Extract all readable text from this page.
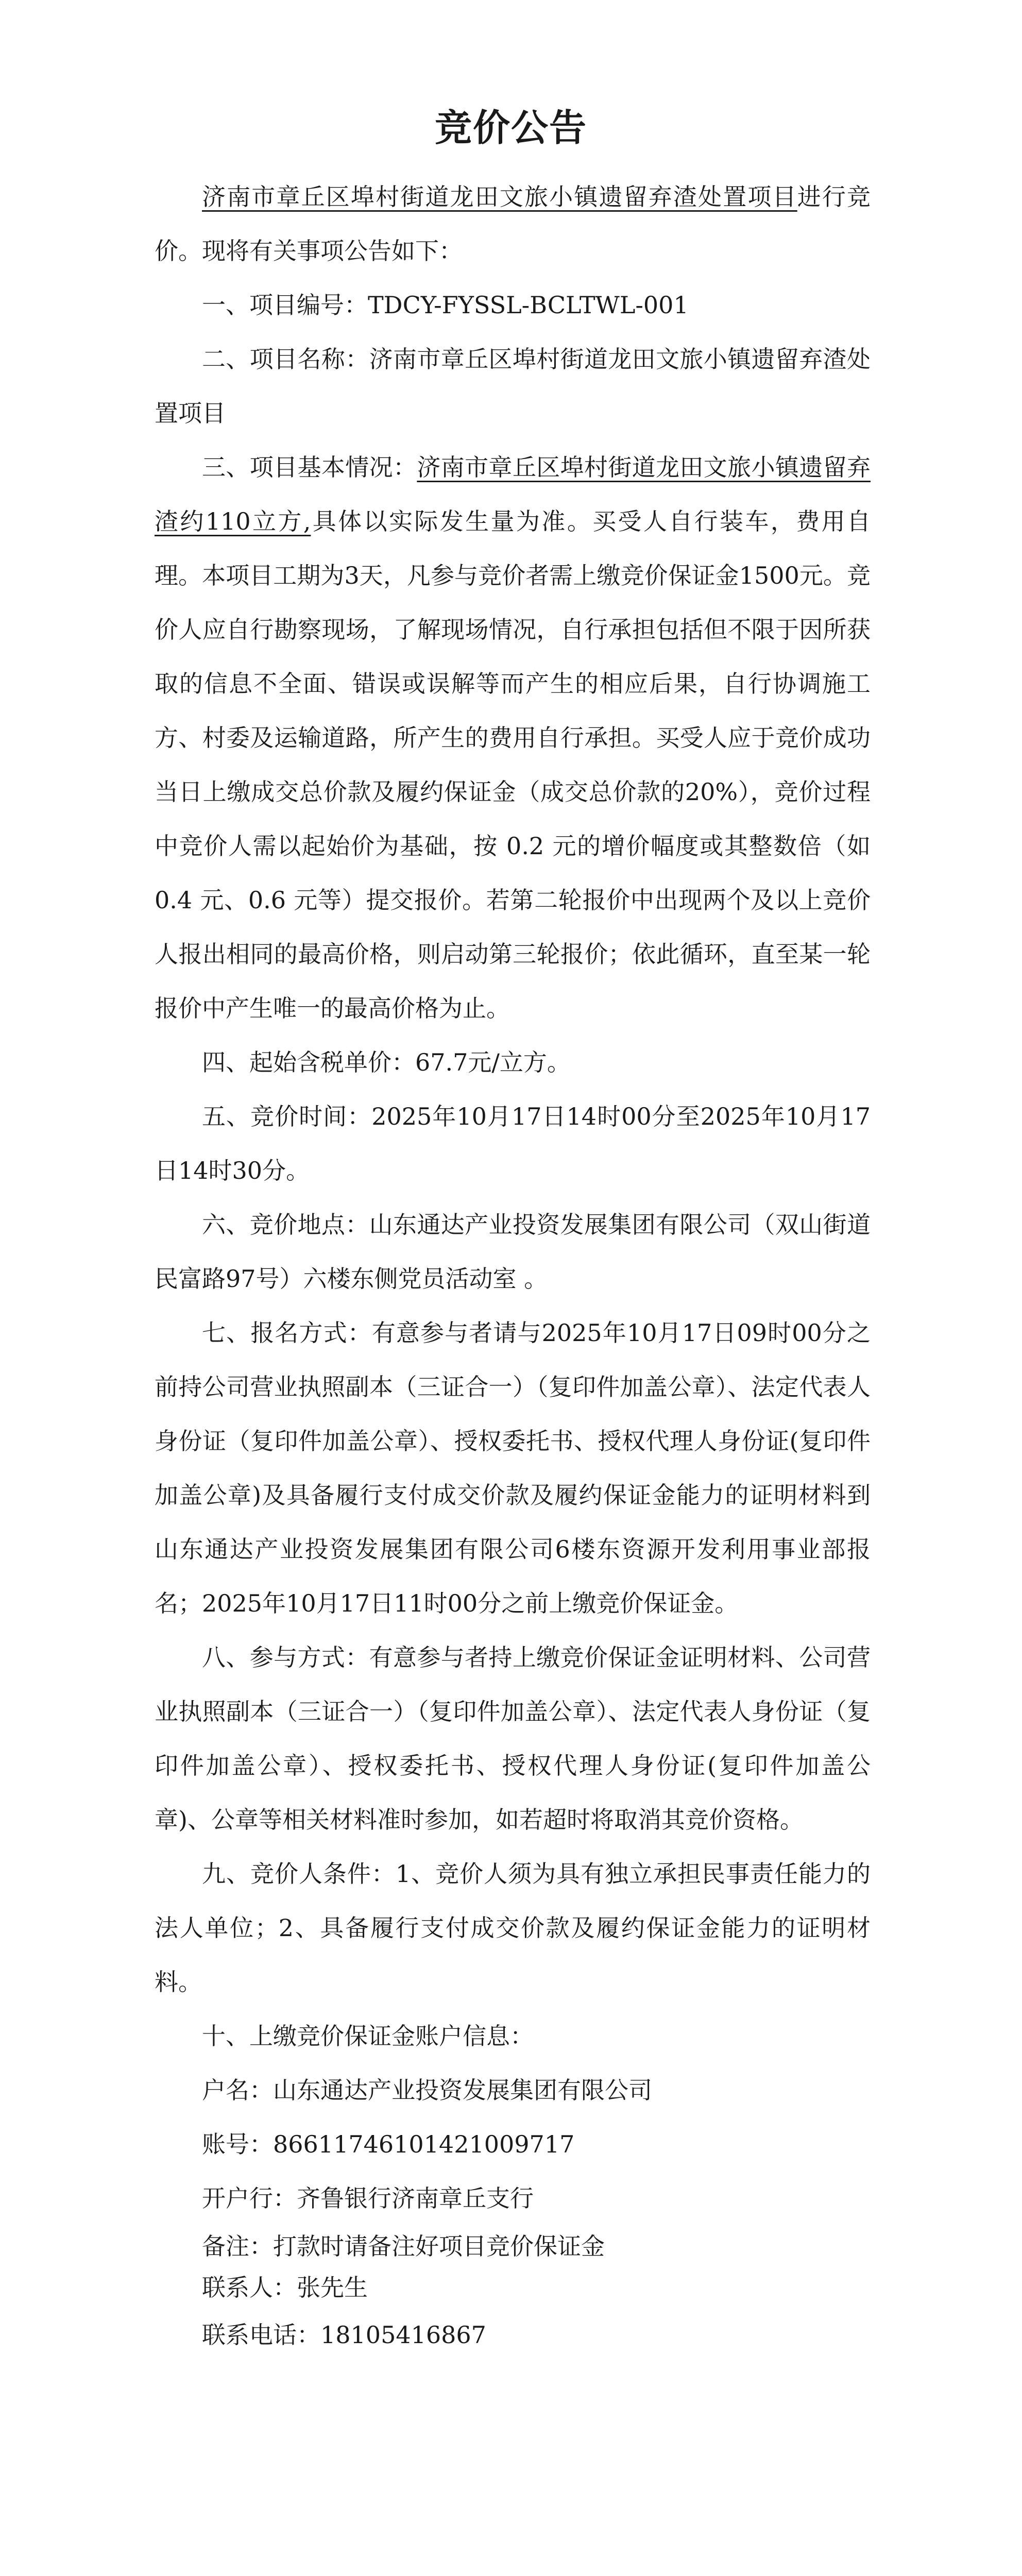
竞价公告

济南市章丘区埠村街道龙田文旅小镇遗留弃渣处置项目进行竞价。现将有关事项公告如下：

一、项目编号：TDCY-FYSSL-BCLTWL-001

二、项目名称：济南市章丘区埠村街道龙田文旅小镇遗留弃渣处置项目

三、项目基本情况：济南市章丘区埠村街道龙田文旅小镇遗留弃渣约110立方,具体以实际发生量为准。买受人自行装车，费用自理。本项目工期为3天，凡参与竞价者需上缴竞价保证金1500元。竞价人应自行勘察现场，了解现场情况，自行承担包括但不限于因所获取的信息不全面、错误或误解等而产生的相应后果，自行协调施工方、村委及运输道路，所产生的费用自行承担。买受人应于竞价成功当日上缴成交总价款及履约保证金（成交总价款的20%），竞价过程中竞价人需以起始价为基础，按 0.2 元的增价幅度或其整数倍（如 0.4 元、0.6 元等）提交报价。若第二轮报价中出现两个及以上竞价人报出相同的最高价格，则启动第三轮报价；依此循环，直至某一轮报价中产生唯一的最高价格为止。

四、起始含税单价：67.7元/立方。

五、竞价时间：2025年10月17日14时00分至2025年10月17日14时30分。

六、竞价地点：山东通达产业投资发展集团有限公司（双山街道民富路97号）六楼东侧党员活动室 。

七、报名方式：有意参与者请与2025年10月17日09时00分之前持公司营业执照副本（三证合一）（复印件加盖公章）、法定代表人身份证（复印件加盖公章）、授权委托书、授权代理人身份证(复印件加盖公章)及具备履行支付成交价款及履约保证金能力的证明材料到山东通达产业投资发展集团有限公司6楼东资源开发利用事业部报名；2025年10月17日11时00分之前上缴竞价保证金。

八、参与方式：有意参与者持上缴竞价保证金证明材料、公司营业执照副本（三证合一）（复印件加盖公章）、法定代表人身份证（复印件加盖公章）、授权委托书、授权代理人身份证(复印件加盖公章)、公章等相关材料准时参加，如若超时将取消其竞价资格。

九、竞价人条件：1、竞价人须为具有独立承担民事责任能力的法人单位；2、具备履行支付成交价款及履约保证金能力的证明材料。

十、上缴竞价保证金账户信息：

户名：山东通达产业投资发展集团有限公司

账号：8661174610142100971​7

开户行：齐鲁银行济南章丘支行

备注：打款时请备注好项目竞价保证金

联系人：张先生

联系电话：18105416867
